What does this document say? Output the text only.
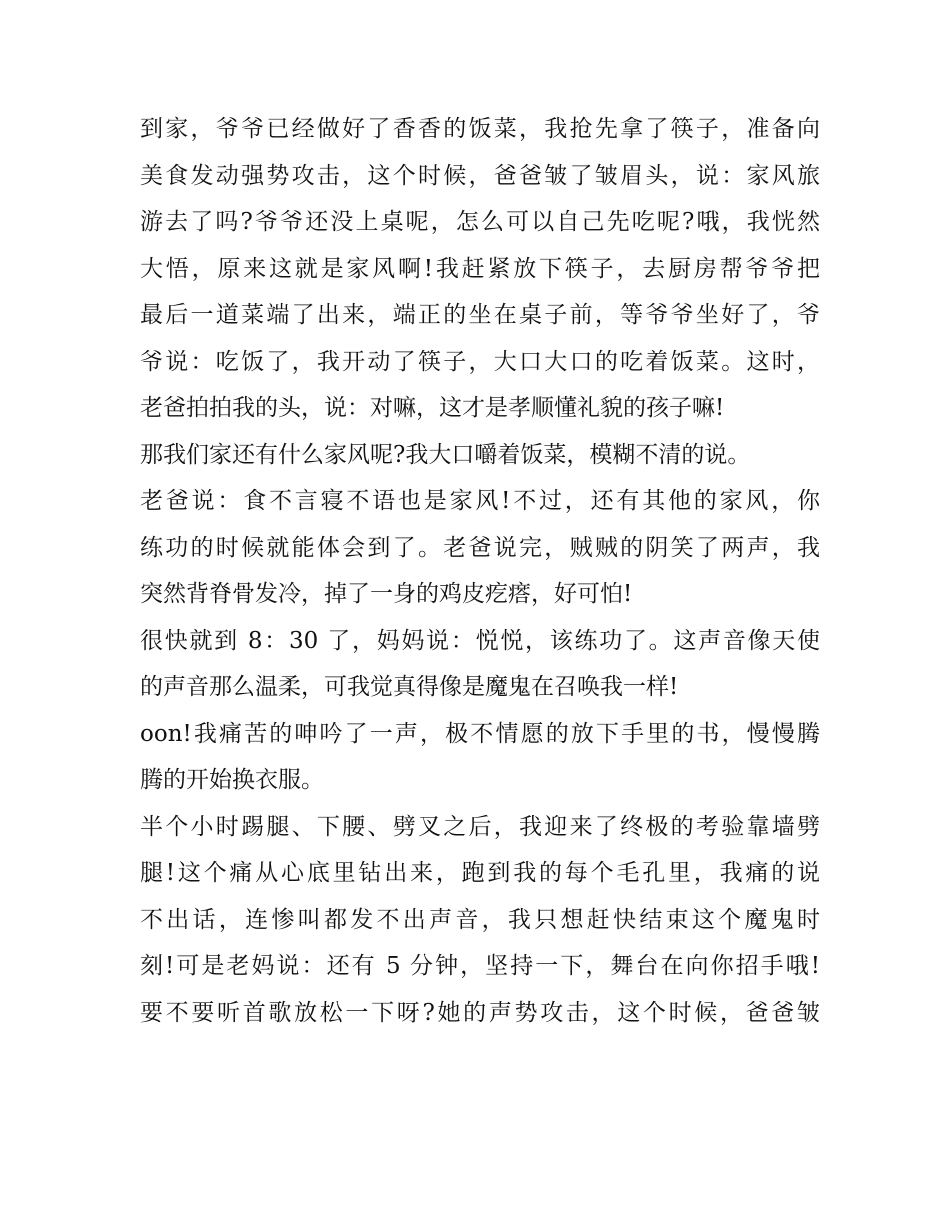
到家，爷爷已经做好了香香的饭菜，我抢先拿了筷子，准备向
美食发动强势攻击，这个时候，爸爸皱了皱眉头，说：家风旅
游去了吗?爷爷还没上桌呢，怎么可以自己先吃呢?哦，我恍然
大悟，原来这就是家风啊!我赶紧放下筷子，去厨房帮爷爷把
最后一道菜端了出来，端正的坐在桌子前，等爷爷坐好了，爷
爷说：吃饭了，我开动了筷子，大口大口的吃着饭菜。这时，
老爸拍拍我的头，说：对嘛，这才是孝顺懂礼貌的孩子嘛!
那我们家还有什么家风呢?我大口嚼着饭菜，模糊不清的说。
老爸说：食不言寝不语也是家风!不过，还有其他的家风，你
练功的时候就能体会到了。老爸说完，贼贼的阴笑了两声，我
突然背脊骨发冷，掉了一身的鸡皮疙瘩，好可怕!
很快就到 8：30 了，妈妈说：悦悦，该练功了。这声音像天使
的声音那么温柔，可我觉真得像是魔鬼在召唤我一样!
oon!我痛苦的呻吟了一声，极不情愿的放下手里的书，慢慢腾
腾的开始换衣服。
半个小时踢腿、下腰、劈叉之后，我迎来了终极的考验靠墙劈
腿!这个痛从心底里钻出来，跑到我的每个毛孔里，我痛的说
不出话，连惨叫都发不出声音，我只想赶快结束这个魔鬼时
刻!可是老妈说：还有 5 分钟，坚持一下，舞台在向你招手哦!
要不要听首歌放松一下呀?她的声势攻击，这个时候，爸爸皱
